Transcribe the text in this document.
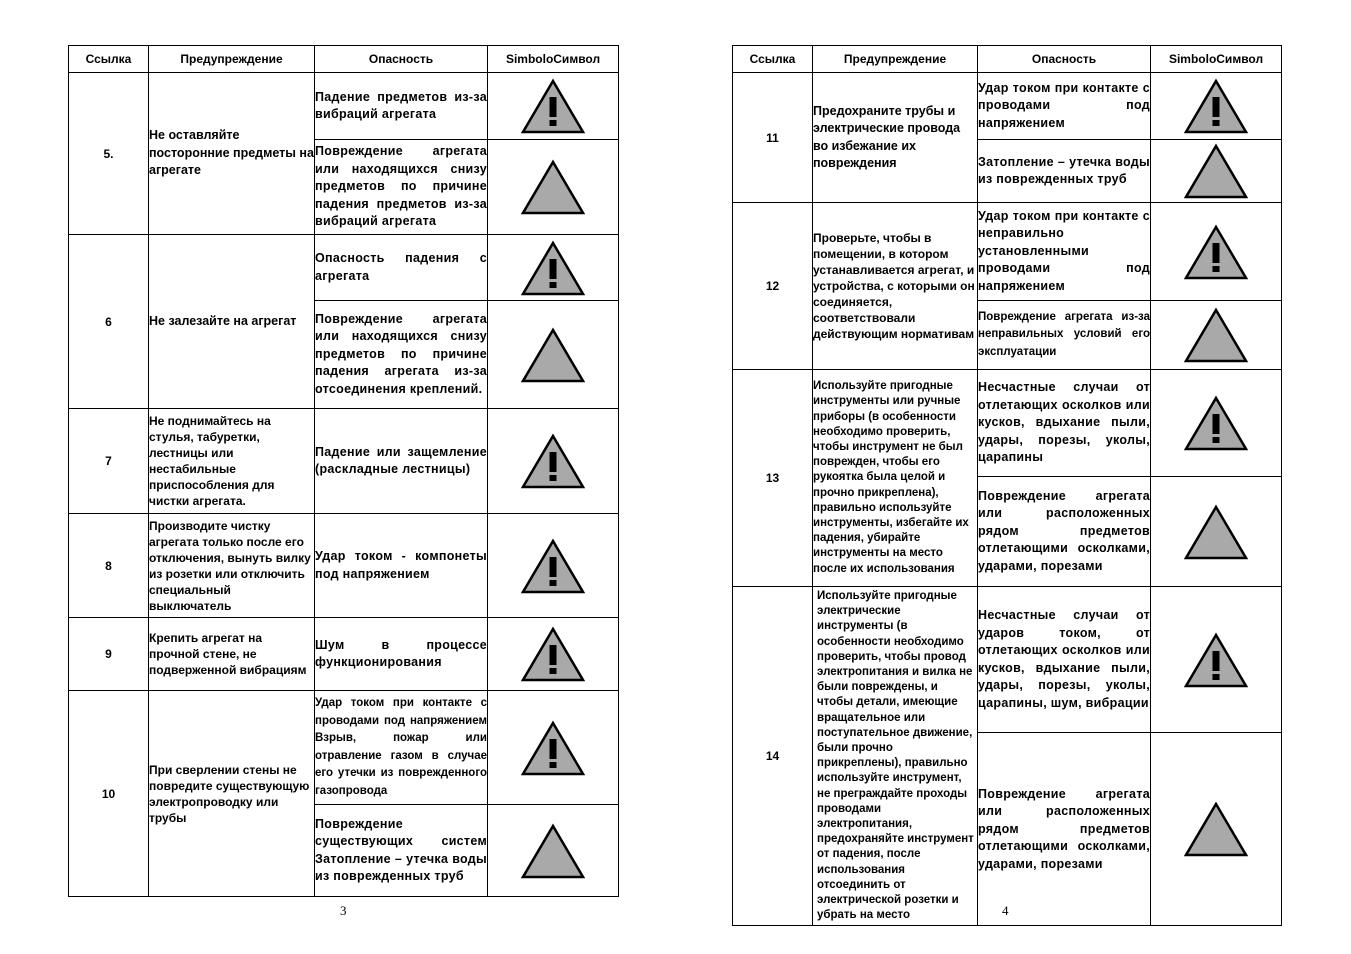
Ссылка	Предупреждение	Опасность	SimboloСимвол
5.	Не оставляйте посторонние предметы на агрегате	Падение предметов из-за вибраций агрегата	

		Повреждение агрегата или находящихся снизу предметов по причине падения предметов из-за вибраций агрегата	

6	Не залезайте на агрегат	Опасность падения с агрегата	

		Повреждение агрегата или находящихся снизу предметов по причине падения агрегата из-за отсоединения креплений.	

7	Не поднимайтесь на стулья, табуретки, лестницы или нестабильные приспособления для чистки агрегата.	Падение или защемление (раскладные лестницы)	

8	Производите чистку агрегата только после его отключения, вынуть вилку из розетки или отключить специальный выключатель	Удар током - компонеты под напряжением	

9	Крепить агрегат на прочной стене, не подверженной вибрациям	Шум в процессе функционирования	

10	При сверлении стены не повредите существующую электропроводку или трубы	Удар током при контакте с проводами под напряжением Взрыв, пожар или отравление газом в случае его утечки из поврежденного газопровода	

		Повреждение существующих систем Затопление – утечка воды из поврежденных труб	
3
Ссылка	Предупреждение	Опасность	SimboloСимвол
11	Предохраните трубы и электрические провода во избежание их повреждения	Удар током при контакте с проводами под напряжением	

		Затопление – утечка воды из поврежденных труб	

12	Проверьте, чтобы в помещении, в котором устанавливается агрегат, и устройства, с которыми он соединяется, соответствовали действующим нормативам	Удар током при контакте с неправильно установленными проводами под напряжением	

		Повреждение агрегата из-за неправильных условий его эксплуатации	

13	Используйте пригодные инструменты или ручные приборы (в особенности необходимо проверить, чтобы инструмент не был поврежден, чтобы его рукоятка была целой и прочно прикреплена), правильно используйте инструменты, избегайте их падения, убирайте инструменты на место после их использования	Несчастные случаи от отлетающих осколков или кусков, вдыхание пыли, удары, порезы, уколы, царапины	

		Повреждение агрегата или расположенных рядом предметов отлетающими осколками, ударами, порезами	

14	Используйте пригодные электрические инструменты (в особенности необходимо проверить, чтобы провод электропитания и вилка не были повреждены, и чтобы детали, имеющие вращательное или поступательное движение, были прочно прикреплены), правильно используйте инструмент, не преграждайте проходы проводами электропитания, предохраняйте инструмент от падения, после использования отсоединить от электрической розетки и убрать на место	Несчастные случаи от ударов током, от отлетающих осколков или кусков, вдыхание пыли, удары, порезы, уколы, царапины, шум, вибрации	

		Повреждение агрегата или расположенных рядом предметов отлетающими осколками, ударами, порезами	
4
